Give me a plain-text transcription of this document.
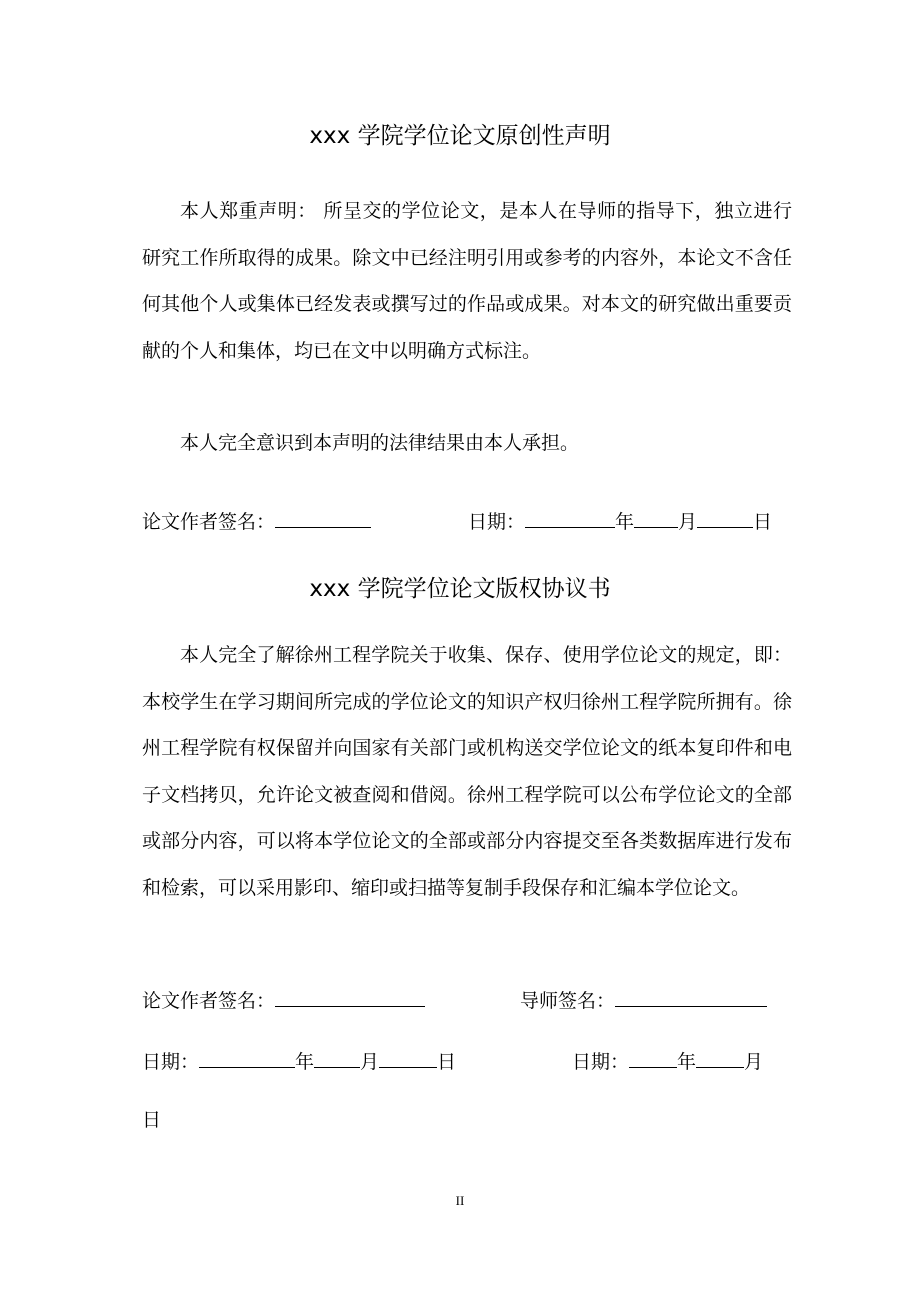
xxx 学院学位论文原创性声明

本人郑重声明： 所呈交的学位论文，是本人在导师的指导下，独立进行研究工作所取得的成果。除文中已经注明引用或参考的内容外，本论文不含任何其他个人或集体已经发表或撰写过的作品或成果。对本文的研究做出重要贡献的个人和集体，均已在文中以明确方式标注。

本人完全意识到本声明的法律结果由本人承担。

论文作者签名：	日期：	年 月	日
xxx 学院学位论文版权协议书

本人完全了解徐州工程学院关于收集、保存、使用学位论文的规定，即：本校学生在学习期间所完成的学位论文的知识产权归徐州工程学院所拥有。徐州工程学院有权保留并向国家有关部门或机构送交学位论文的纸本复印件和电子文档拷贝，允许论文被查阅和借阅。徐州工程学院可以公布学位论文的全部或部分内容，可以将本学位论文的全部或部分内容提交至各类数据库进行发布和检索，可以采用影印、缩印或扫描等复制手段保存和汇编本学位论文。

论文作者签名：	导师签名：
日期：	年 月	日	日期：	年	月
日
II
